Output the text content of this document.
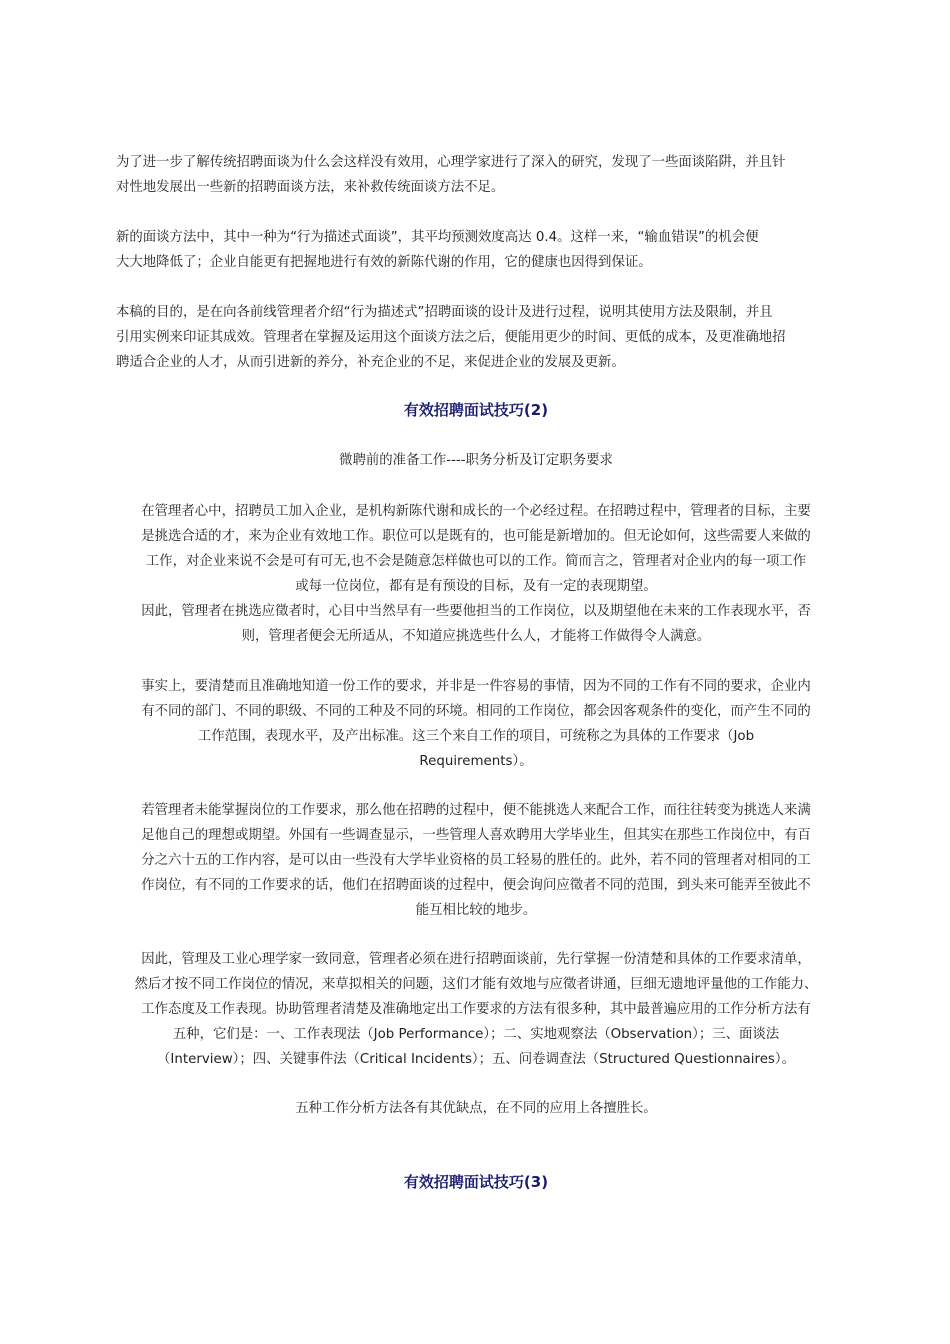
为了进一步了解传统招聘面谈为什么会这样没有效用，心理学家进行了深入的研究，发现了一些面谈陷阱，并且针
对性地发展出一些新的招聘面谈方法，来补救传统面谈方法不足。

新的面谈方法中，其中一种为“行为描述式面谈”，其平均预测效度高达 0.4。这样一来，“输血错误”的机会便
大大地降低了；企业自能更有把握地进行有效的新陈代谢的作用，它的健康也因得到保证。

本稿的目的，是在向各前线管理者介绍“行为描述式”招聘面谈的设计及进行过程，说明其使用方法及限制，并且
引用实例来印证其成效。管理者在掌握及运用这个面谈方法之后，便能用更少的时间、更低的成本，及更准确地招
聘适合企业的人才，从而引进新的养分，补充企业的不足，来促进企业的发展及更新。

有效招聘面试技巧(2)
微聘前的准备工作----职务分析及订定职务要求

在管理者心中，招聘员工加入企业，是机构新陈代谢和成长的一个必经过程。在招聘过程中，管理者的目标，主要
是挑选合适的才，来为企业有效地工作。职位可以是既有的，也可能是新增加的。但无论如何，这些需要人来做的
工作，对企业来说不会是可有可无,也不会是随意怎样做也可以的工作。简而言之，管理者对企业内的每一项工作
或每一位岗位，都有是有预设的目标，及有一定的表现期望。
因此，管理者在挑选应徵者时，心目中当然早有一些要他担当的工作岗位，以及期望他在未来的工作表现水平，否
则，管理者便会无所适从，不知道应挑选些什么人，才能将工作做得令人满意。

事实上，要清楚而且准确地知道一份工作的要求，并非是一件容易的事情，因为不同的工作有不同的要求，企业内
有不同的部门、不同的职级、不同的工种及不同的环境。相同的工作岗位，都会因客观条件的变化，而产生不同的
工作范围，表现水平，及产出标准。这三个来自工作的项目，可统称之为具体的工作要求（Job
Requirements）。

若管理者未能掌握岗位的工作要求，那么他在招聘的过程中，便不能挑选人来配合工作，而往往转变为挑选人来满
足他自己的理想或期望。外国有一些调查显示，一些管理人喜欢聘用大学毕业生，但其实在那些工作岗位中，有百
分之六十五的工作内容，是可以由一些没有大学毕业资格的员工轻易的胜任的。此外，若不同的管理者对相同的工
作岗位，有不同的工作要求的话，他们在招聘面谈的过程中，便会询问应徵者不同的范围，到头来可能弄至彼此不
能互相比较的地步。

因此，管理及工业心理学家一致同意，管理者必须在进行招聘面谈前，先行掌握一份清楚和具体的工作要求清单，
然后才按不同工作岗位的情况，来草拟相关的问题，这们才能有效地与应徵者讲通，巨细无遗地评量他的工作能力、
工作态度及工作表现。协助管理者清楚及准确地定出工作要求的方法有很多种，其中最普遍应用的工作分析方法有
五种，它们是：一、工作表现法（Job Performance）；二、实地观察法（Observation）；三、面谈法
（Interview）；四、关键事件法（Critical Incidents）；五、问卷调查法（Structured Questionnaires）。

五种工作分析方法各有其优缺点，在不同的应用上各擅胜长。

有效招聘面试技巧(3)
